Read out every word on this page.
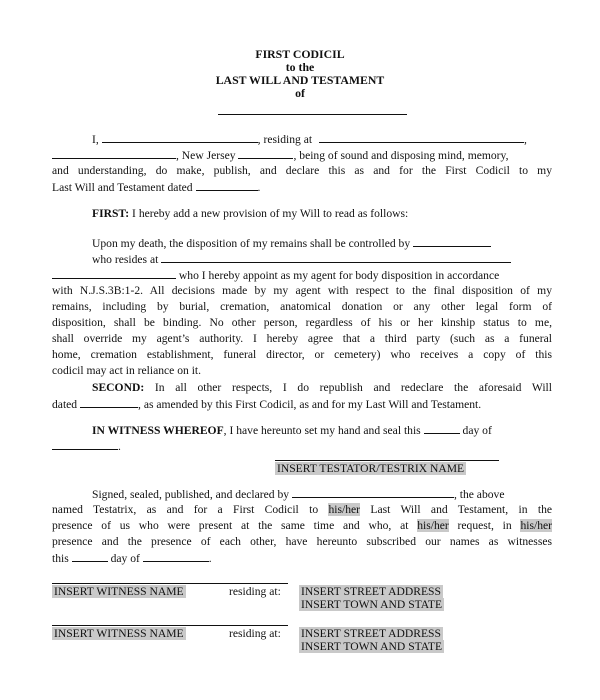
FIRST CODICIL
to the
LAST WILL AND TESTAMENT
of
I,	, residing at	,
, New Jersey	, being of sound and disposing mind, memory,
and understanding, do make, publish, and declare this as and for the First Codicil to my
Last Will and Testament dated	.
FIRST: I hereby add a new provision of my Will to read as follows:
Upon my death, the disposition of my remains shall be controlled by
who resides at
who I hereby appoint as my agent for body disposition in accordance
with N.J.S.3B:1-2. All decisions made by my agent with respect to the final disposition of my
remains, including by burial, cremation, anatomical donation or any other legal form of
disposition, shall be binding. No other person, regardless of his or her kinship status to me,
shall override my agent’s authority. I hereby agree that a third party (such as a funeral
home, cremation establishment, funeral director, or cemetery) who receives a copy of this
codicil may act in reliance on it.
SECOND: In all other respects, I do republish and redeclare the aforesaid Will
dated	, as amended by this First Codicil, as and for my Last Will and Testament.
IN WITNESS WHEREOF, I have hereunto set my hand and seal this	day of
.
INSERT TESTATOR/TESTRIX NAME
Signed, sealed, published, and declared by	, the above
named Testatrix, as and for a First Codicil to his/her Last Will and Testament, in the
presence of us who were present at the same time and who, at his/her request, in his/her
presence and the presence of each other, have hereunto subscribed our names as witnesses
this	day of	.
INSERT WITNESS NAME	residing at: INSERT STREET ADDRESS
INSERT TOWN AND STATE
INSERT WITNESS NAME	residing at: INSERT STREET ADDRESS
INSERT TOWN AND STATE
